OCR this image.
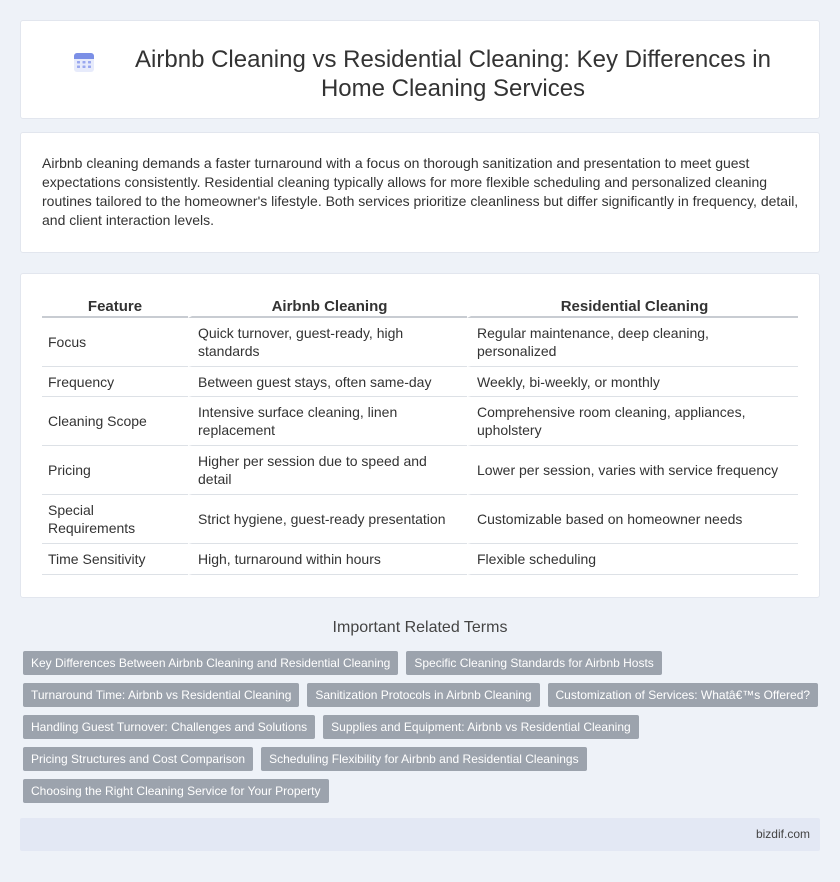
Airbnb Cleaning vs Residential Cleaning: Key Differences in Home Cleaning Services

Airbnb cleaning demands a faster turnaround with a focus on thorough sanitization and presentation to meet guest expectations consistently. Residential cleaning typically allows for more flexible scheduling and personalized cleaning routines tailored to the homeowner's lifestyle. Both services prioritize cleanliness but differ significantly in frequency, detail, and client interaction levels.

Feature	Airbnb Cleaning	Residential Cleaning
Focus	Quick turnover, guest-ready, high standards	Regular maintenance, deep cleaning, personalized
Frequency	Between guest stays, often same-day	Weekly, bi-weekly, or monthly
Cleaning Scope	Intensive surface cleaning, linen replacement	Comprehensive room cleaning, appliances, upholstery
Pricing	Higher per session due to speed and detail	Lower per session, varies with service frequency
Special Requirements	Strict hygiene, guest-ready presentation	Customizable based on homeowner needs
Time Sensitivity	High, turnaround within hours	Flexible scheduling
Important Related Terms
Key Differences Between Airbnb Cleaning and Residential Cleaning	Specific Cleaning Standards for Airbnb Hosts
Turnaround Time: Airbnb vs Residential Cleaning	Sanitization Protocols in Airbnb Cleaning	Customization of Services: Whatâ€™s Offered?
Handling Guest Turnover: Challenges and Solutions	Supplies and Equipment: Airbnb vs Residential Cleaning
Pricing Structures and Cost Comparison	Scheduling Flexibility for Airbnb and Residential Cleanings
Choosing the Right Cleaning Service for Your Property
bizdif.com
